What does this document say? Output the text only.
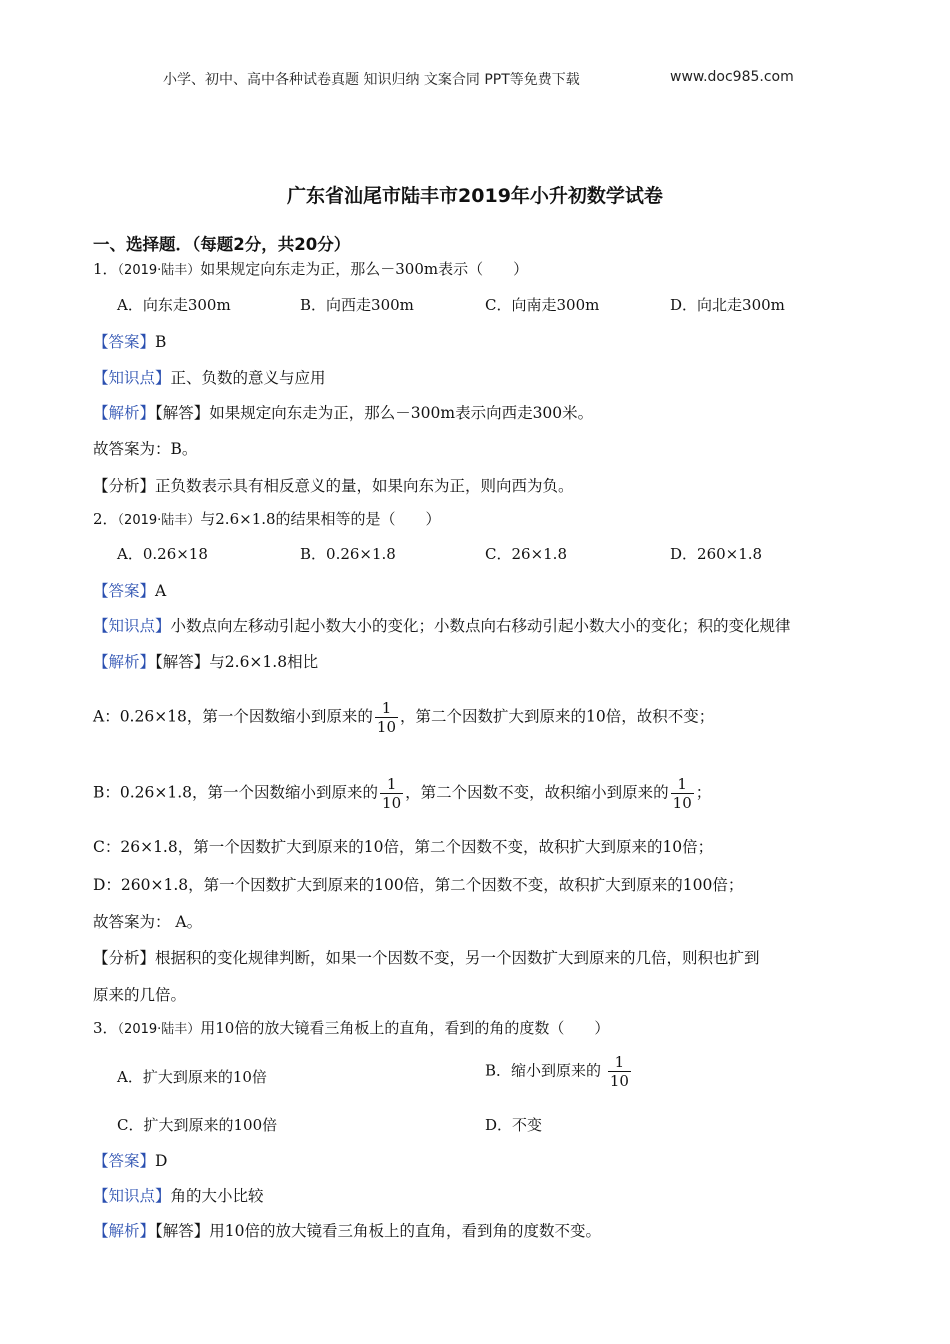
小学、初中、高中各种试卷真题 知识归纳 文案合同 PPT等免费下载	www.doc985.com
广东省汕尾市陆丰市2019年小升初数学试卷
一、选择题．（每题2分，共20分）
1．（2019·陆丰）如果规定向东走为正，那么－300m表示（　　）
A．向东走300m	B．向西走300m	C．向南走300m	D．向北走300m
【答案】B
【知识点】正、负数的意义与应用
【解析】【解答】如果规定向东走为正，那么－300m表示向西走300米。
故答案为：B。
【分析】正负数表示具有相反意义的量，如果向东为正，则向西为负。
2．（2019·陆丰）与2.6×1.8的结果相等的是（　　）
A．0.26×18	B．0.26×1.8	C．26×1.8	D．260×1.8
【答案】A
【知识点】小数点向左移动引起小数大小的变化；小数点向右移动引起小数大小的变化；积的变化规律
【解析】【解答】与2.6×1.8相比
A：0.26×18，第一个因数缩小到原来的 $\frac{1}{10}$ ，第二个因数扩大到原来的10倍，故积不变；
B：0.26×1.8，第一个因数缩小到原来的 $\frac{1}{10}$ ，第二个因数不变，故积缩小到原来的 $\frac{1}{10}$ ；
C：26×1.8，第一个因数扩大到原来的10倍，第二个因数不变，故积扩大到原来的10倍；
D：260×1.8，第一个因数扩大到原来的100倍，第二个因数不变，故积扩大到原来的100倍；
故答案为： A。
【分析】根据积的变化规律判断，如果一个因数不变，另一个因数扩大到原来的几倍，则积也扩到
原来的几倍。
3．（2019·陆丰）用10倍的放大镜看三角板上的直角，看到的角的度数（　　）
A．扩大到原来的10倍	B．缩小到原来的 $\frac{1}{10}$
C．扩大到原来的100倍	D．不变
【答案】D
【知识点】角的大小比较
【解析】【解答】用10倍的放大镜看三角板上的直角，看到角的度数不变。
